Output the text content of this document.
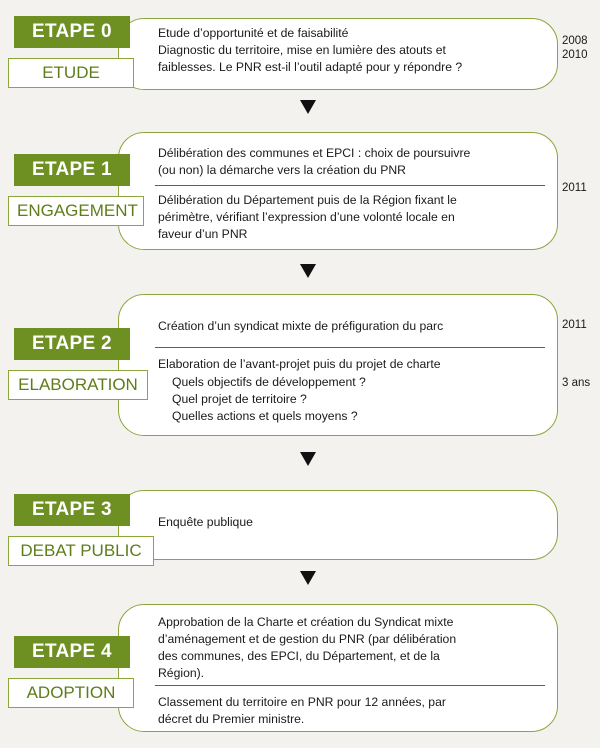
ETAPE 0
ETUDE
Etude d’opportunité et de faisabilité
Diagnostic du territoire, mise en lumière des atouts et
faiblesses. Le PNR est-il l’outil adapté pour y répondre ?
2008
2010
ETAPE 1
ENGAGEMENT
Délibération des communes et EPCI : choix de poursuivre
(ou non) la démarche vers la création du PNR
Délibération du Département puis de la Région fixant le
périmètre, vérifiant l’expression d’une volonté locale en
faveur d’un PNR
2011
ETAPE 2
ELABORATION
Création d’un syndicat mixte de préfiguration du parc
Elaboration de l’avant-projet puis du projet de charte
Quels objectifs de développement ?
Quel projet de territoire ?
Quelles actions et quels moyens ?
2011
3 ans
ETAPE 3
DEBAT PUBLIC
Enquête publique
ETAPE 4
ADOPTION
Approbation de la Charte et création du Syndicat mixte
d’aménagement et de gestion du PNR (par délibération
des communes, des EPCI, du Département, et de la
Région).
Classement du territoire en PNR pour 12 années, par
décret du Premier ministre.
